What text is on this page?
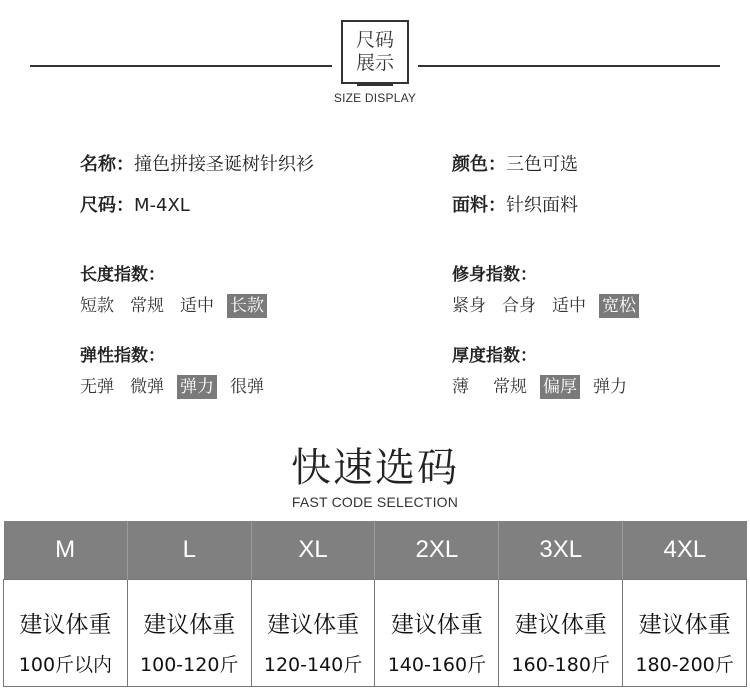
尺码
展示
SIZE DISPLAY
名称：撞色拼接圣诞树针织衫	颜色：三色可选
尺码：M-4XL	面料：针织面料
长度指数：
短款 常规 适中 长款
修身指数：
紧身 合身 适中 宽松
弹性指数：
无弹 微弹 弹力 很弹
厚度指数：
薄 常规 偏厚 弹力
快速选码
FAST CODE SELECTION
M	L	XL	2XL	3XL	4XL
建议体重	建议体重	建议体重	建议体重	建议体重	建议体重
100斤以内	100-120斤	120-140斤	140-160斤	160-180斤	180-200斤
